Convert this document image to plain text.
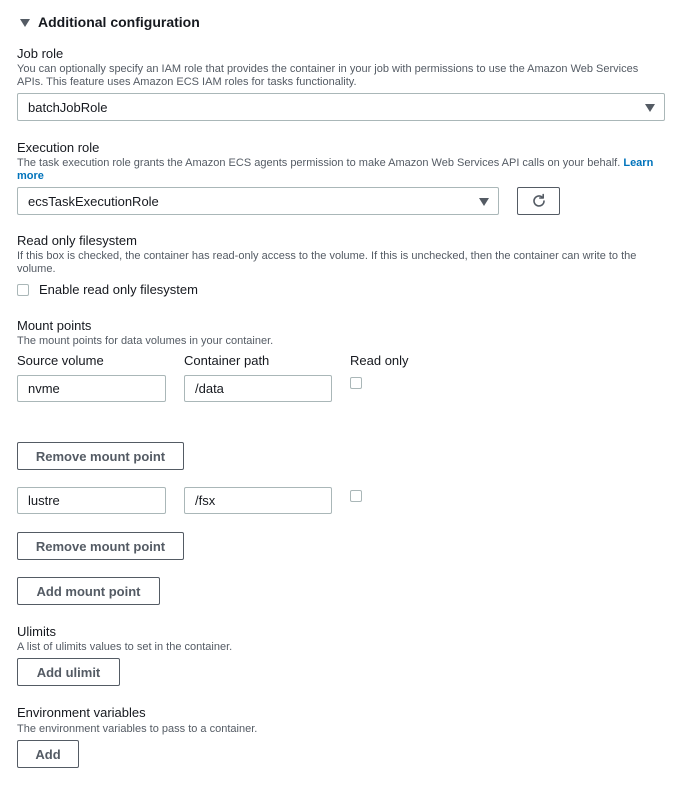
Additional configuration
Job role
You can optionally specify an IAM role that provides the container in your job with permissions to use the Amazon Web Services APIs. This feature uses Amazon ECS IAM roles for tasks functionality.
batchJobRole
Execution role
The task execution role grants the Amazon ECS agents permission to make Amazon Web Services API calls on your behalf. Learn more
ecsTaskExecutionRole
Read only filesystem
If this box is checked, the container has read-only access to the volume. If this is unchecked, then the container can write to the volume.
Enable read only filesystem
Mount points
The mount points for data volumes in your container.
Source volume	Container path	Read only
nvme	/data
Remove mount point
lustre	/fsx
Remove mount point
Add mount point
Ulimits
A list of ulimits values to set in the container.
Add ulimit
Environment variables
The environment variables to pass to a container.
Add
